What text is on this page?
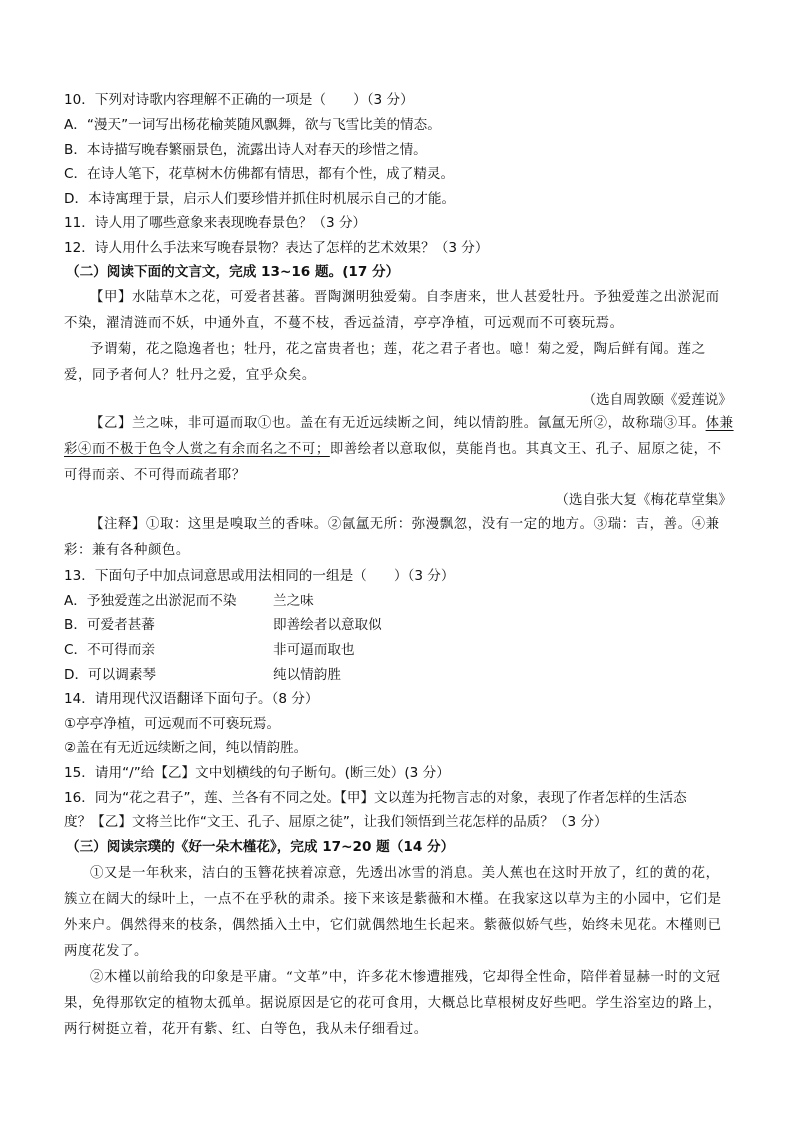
10．下列对诗歌内容理解不正确的一项是（　　）（3 分）
A．“漫天”一词写出杨花榆荚随风飘舞，欲与飞雪比美的情态。
B．本诗描写晚春繁丽景色，流露出诗人对春天的珍惜之情。
C．在诗人笔下，花草树木仿佛都有情思，都有个性，成了精灵。
D．本诗寓理于景，启示人们要珍惜并抓住时机展示自己的才能。
11．诗人用了哪些意象来表现晚春景色？（3 分）
12．诗人用什么手法来写晚春景物？表达了怎样的艺术效果？（3 分）
（二）阅读下面的文言文，完成 13~16 题。(17 分）
【甲】水陆草木之花，可爱者甚蕃。晋陶渊明独爱菊。自李唐来，世人甚爱牡丹。予独爱莲之出淤泥而
不染，濯清涟而不妖，中通外直，不蔓不枝，香远益清，亭亭净植，可远观而不可亵玩焉。
予谓菊，花之隐逸者也；牡丹，花之富贵者也；莲，花之君子者也。噫！菊之爱，陶后鲜有闻。莲之
爱，同予者何人？牡丹之爱，宜乎众矣。
（选自周敦颐《爱莲说》
【乙】兰之味，非可逼而取①也。盖在有无近远续断之间，纯以情韵胜。氤氲无所②，故称瑞③耳。体兼
彩④而不极于色令人赏之有余而名之不可；即善绘者以意取似，莫能肖也。其真文王、孔子、屈原之徒，不
可得而亲、不可得而疏者耶？
（选自张大复《梅花草堂集》
【注释】①取：这里是嗅取兰的香味。②氤氲无所：弥漫飘忽，没有一定的地方。③瑞：吉，善。④兼
彩：兼有各种颜色。
13．下面句子中加点词意思或用法相同的一组是（　　）（3 分）
A．予独爱莲之出淤泥而不染	兰之味
B．可爱者甚蕃	即善绘者以意取似
C．不可得而亲	非可逼而取也
D．可以调素琴	纯以情韵胜
14．请用现代汉语翻译下面句子。（8 分）
①亭亭净植，可远观而不可亵玩焉。
②盖在有无近远续断之间，纯以情韵胜。
15．请用“/”给【乙】文中划横线的句子断句。(断三处）(3 分）
16．同为“花之君子”，莲、兰各有不同之处。【甲】文以莲为托物言志的对象，表现了作者怎样的生活态
度？【乙】文将兰比作“文王、孔子、屈原之徒”，让我们领悟到兰花怎样的品质？（3 分）
（三）阅读宗璞的《好一朵木槿花》，完成 17~20 题（14 分）
①又是一年秋来，洁白的玉簪花挟着凉意，先透出冰雪的消息。美人蕉也在这时开放了，红的黄的花，
簇立在阔大的绿叶上，一点不在乎秋的肃杀。接下来该是紫薇和木槿。在我家这以草为主的小园中，它们是
外来户。偶然得来的枝条，偶然插入土中，它们就偶然地生长起来。紫薇似娇气些，始终未见花。木槿则已
两度花发了。
②木槿以前给我的印象是平庸。“文革”中，许多花木惨遭摧残，它却得全性命，陪伴着显赫一时的文冠
果，免得那钦定的植物太孤单。据说原因是它的花可食用，大概总比草根树皮好些吧。学生浴室边的路上，
两行树挺立着，花开有紫、红、白等色，我从未仔细看过。
